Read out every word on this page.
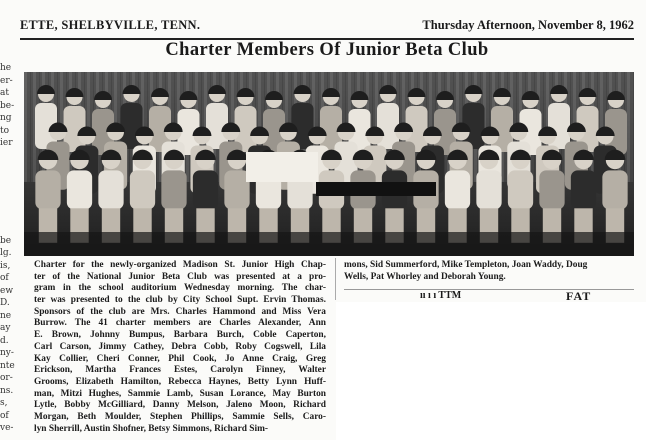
he
er-
at
be-
ng
to
ier
be
lg.
is,
of
ew
D.
ne
ay
d.
ny-
nte
or-
ns.
s,
of
ve-
ETTE, SHELBYVILLE, TENN.	Thursday Afternoon, November 8, 1962
Charter Members Of Junior Beta Club
Charter for the newly-organized Madison St. Junior High Chap-
ter of the National Junior Beta Club was presented at a pro-
gram in the school auditorium Wednesday morning. The char-
ter was presented to the club by City School Supt. Ervin Thomas.
Sponsors of the club are Mrs. Charles Hammond and Miss Vera
Burrow. The 41 charter members are Charles Alexander, Ann
E. Brown, Johnny Bumpus, Barbara Burch, Coble Caperton,
Carl Carson, Jimmy Cathey, Debra Cobb, Roby Cogswell, Lila
Kay Collier, Cheri Conner, Phil Cook, Jo Anne Craig, Greg
Erickson, Martha Frances Estes, Carolyn Finney, Walter
Grooms, Elizabeth Hamilton, Rebecca Haynes, Betty Lynn Huff-
man, Mitzi Hughes, Sammie Lamb, Susan Lorance, May Burton
Lytle, Bobby McGilliard, Danny Melson, Jaleno Moon, Richard
Morgan, Beth Moulder, Stephen Phillips, Sammie Sells, Caro-
lyn Sherrill, Austin Shofner, Betsy Simmons, Richard Sim-
mons, Sid Summerford, Mike Templeton, Joan Waddy, Doug
Wells, Pat Whorley and Deborah Young.
ıı ı ı TTM	FAT
